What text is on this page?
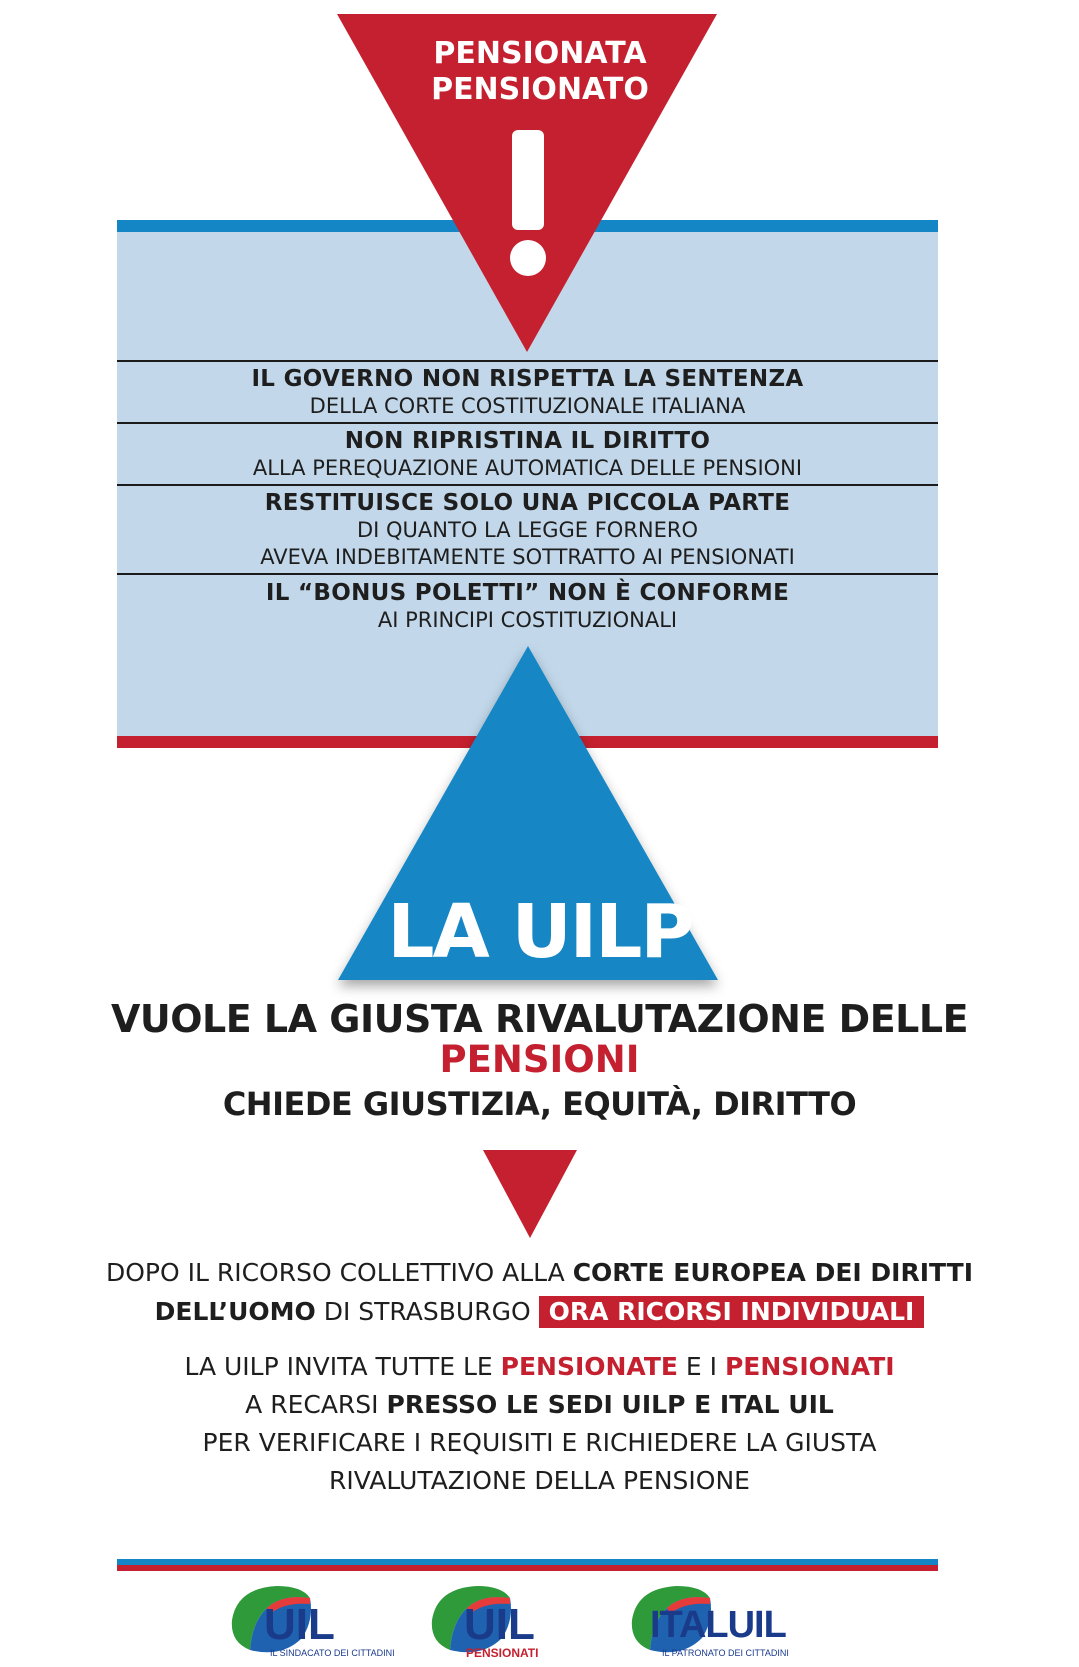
PENSIONATA
PENSIONATO
IL GOVERNO NON RISPETTA LA SENTENZA
DELLA CORTE COSTITUZIONALE ITALIANA
NON RIPRISTINA IL DIRITTO
ALLA PEREQUAZIONE AUTOMATICA DELLE PENSIONI
RESTITUISCE SOLO UNA PICCOLA PARTE
DI QUANTO LA LEGGE FORNERO
AVEVA INDEBITAMENTE SOTTRATTO AI PENSIONATI
IL “BONUS POLETTI” NON È CONFORME
AI PRINCIPI COSTITUZIONALI
LA UILP
VUOLE LA GIUSTA RIVALUTAZIONE DELLE
PENSIONI
CHIEDE GIUSTIZIA, EQUITÀ, DIRITTO
DOPO IL RICORSO COLLETTIVO ALLA CORTE EUROPEA DEI DIRITTI
DELL’UOMO DI STRASBURGO ORA RICORSI INDIVIDUALI
LA UILP INVITA TUTTE LE PENSIONATE E I PENSIONATI
A RECARSI PRESSO LE SEDI UILP E ITAL UIL
PER VERIFICARE I REQUISITI E RICHIEDERE LA GIUSTA
RIVALUTAZIONE DELLA PENSIONE
UIL
IL SINDACATO DEI CITTADINI
UIL
PENSIONATI
ITALUIL
IL PATRONATO DEI CITTADINI
